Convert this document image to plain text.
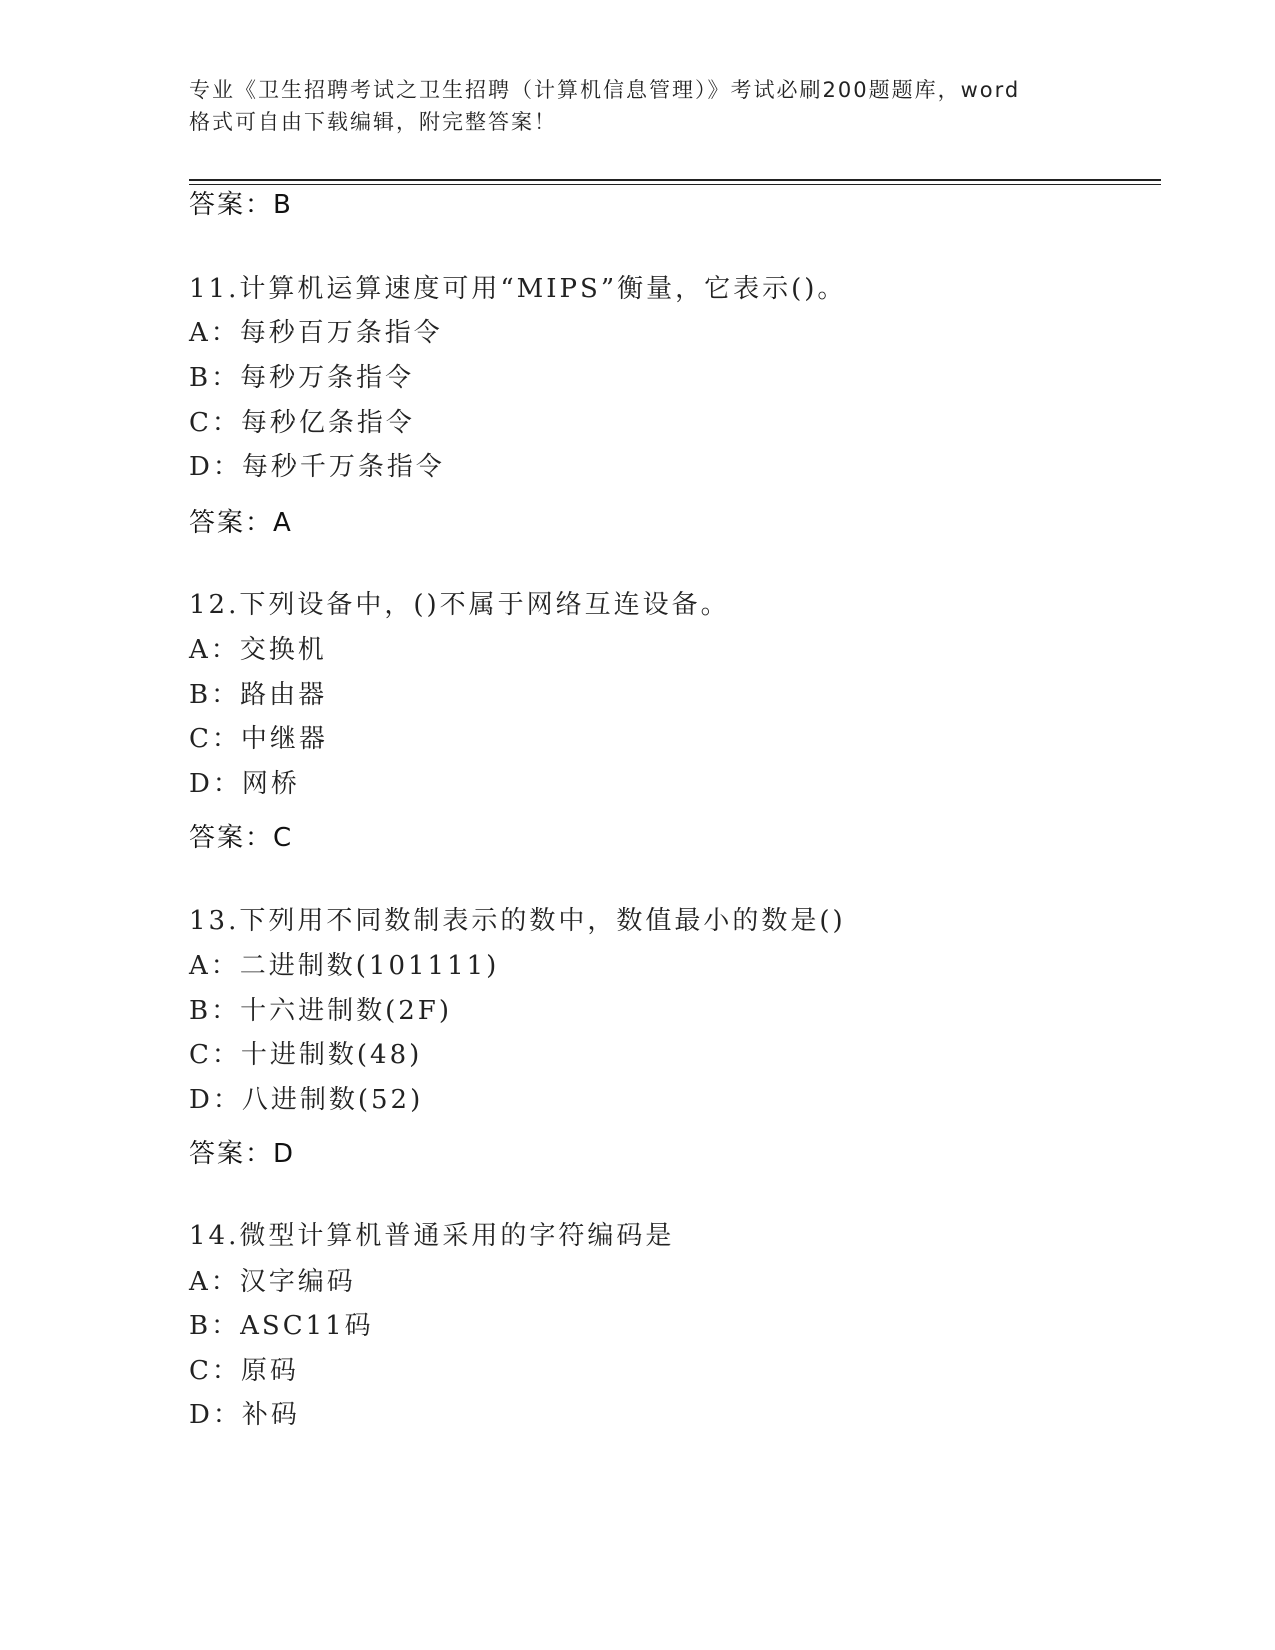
专业《卫生招聘考试之卫生招聘（计算机信息管理）》考试必刷200题题库，word
格式可自由下载编辑，附完整答案！
答案：B
11.计算机运算速度可用“MIPS”衡量，它表示()。
A：每秒百万条指令
B：每秒万条指令
C：每秒亿条指令
D：每秒千万条指令
答案：A
12.下列设备中，()不属于网络互连设备。
A：交换机
B：路由器
C：中继器
D：网桥
答案：C
13.下列用不同数制表示的数中，数值最小的数是()
A：二进制数(101111)
B：十六进制数(2F)
C：十进制数(48)
D：八进制数(52)
答案：D
14.微型计算机普通采用的字符编码是
A：汉字编码
B：ASC11码
C：原码
D：补码
